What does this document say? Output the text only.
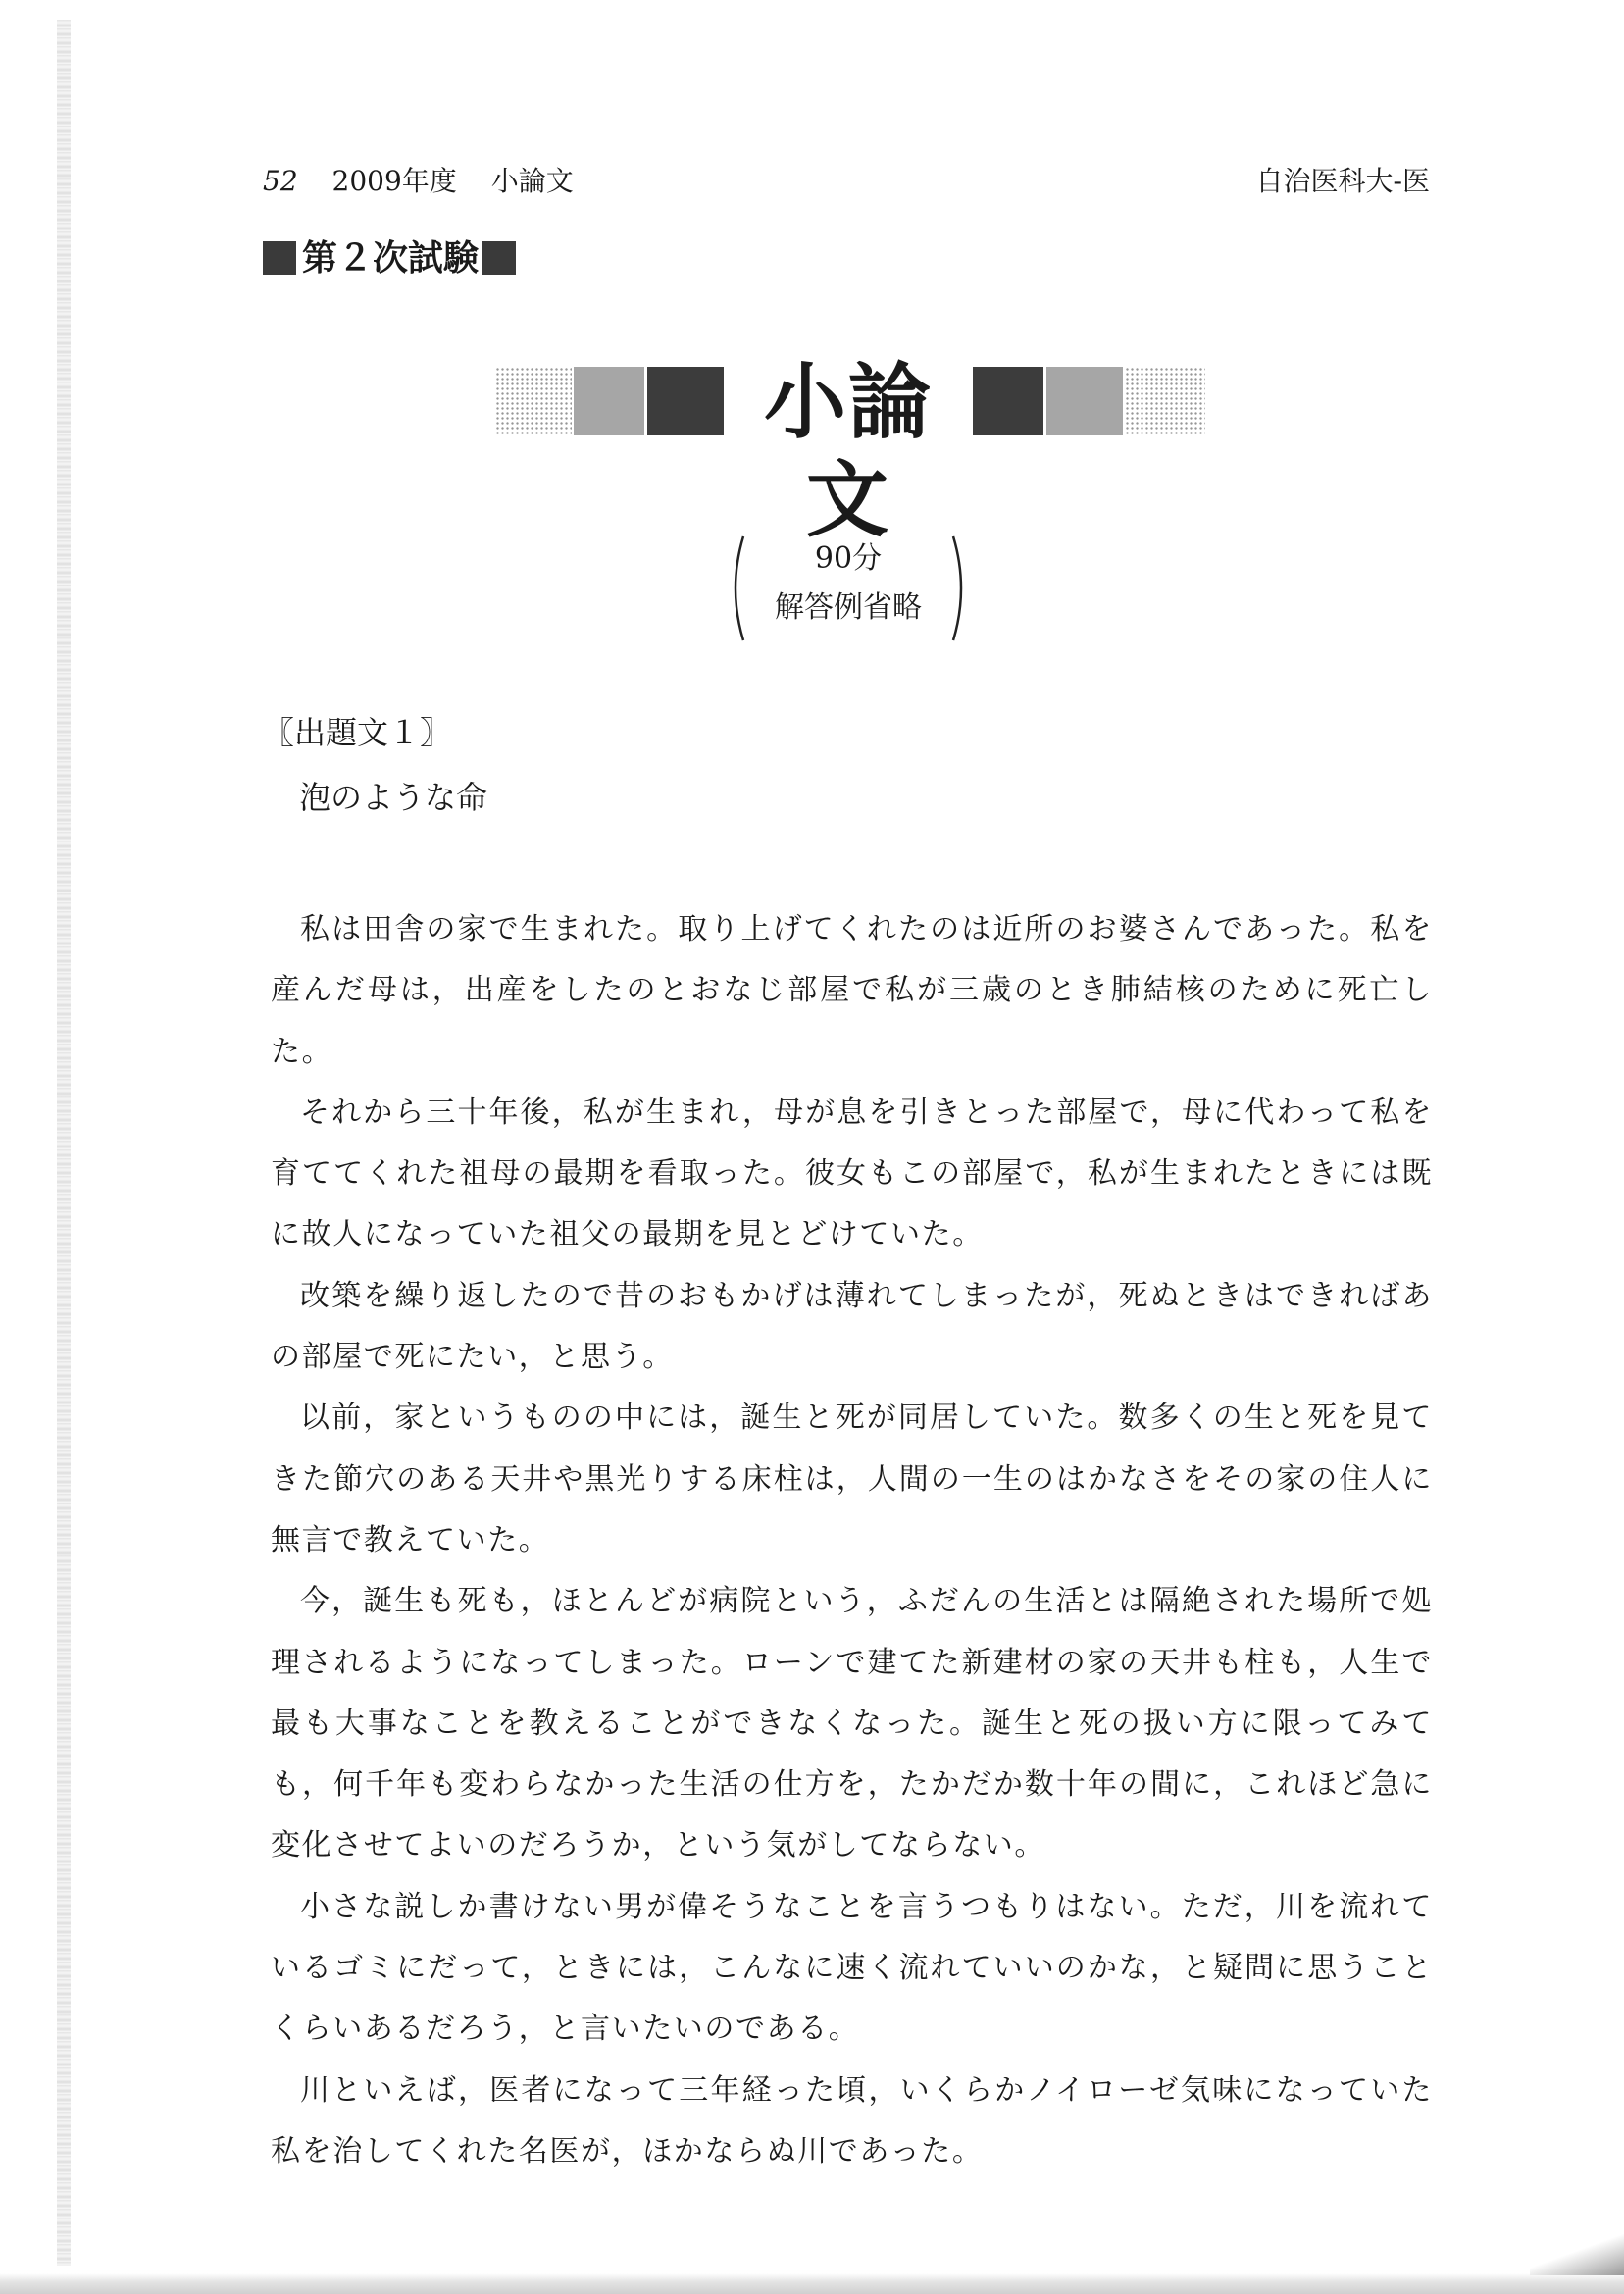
52 2009年度 小論文	自治医科大-医
第２次試験
小論文
90分
解答例省略
〖出題文１〗
泡のような命

私は田舎の家で生まれた。取り上げてくれたのは近所のお婆さんであった。私を産んだ母は，出産をしたのとおなじ部屋で私が三歳のとき肺結核のために死亡した。

それから三十年後，私が生まれ，母が息を引きとった部屋で，母に代わって私を育ててくれた祖母の最期を看取った。彼女もこの部屋で，私が生まれたときには既に故人になっていた祖父の最期を見とどけていた。

改築を繰り返したので昔のおもかげは薄れてしまったが，死ぬときはできればあの部屋で死にたい，と思う。

以前，家というものの中には，誕生と死が同居していた。数多くの生と死を見てきた節穴のある天井や黒光りする床柱は，人間の一生のはかなさをその家の住人に無言で教えていた。

今，誕生も死も，ほとんどが病院という，ふだんの生活とは隔絶された場所で処理されるようになってしまった。ローンで建てた新建材の家の天井も柱も，人生で最も大事なことを教えることができなくなった。誕生と死の扱い方に限ってみても，何千年も変わらなかった生活の仕方を，たかだか数十年の間に，これほど急に変化させてよいのだろうか，という気がしてならない。

小さな説しか書けない男が偉そうなことを言うつもりはない。ただ，川を流れているゴミにだって，ときには，こんなに速く流れていいのかな，と疑問に思うことくらいあるだろう，と言いたいのである。

川といえば，医者になって三年経った頃，いくらかノイローゼ気味になっていた私を治してくれた名医が，ほかならぬ川であった。
